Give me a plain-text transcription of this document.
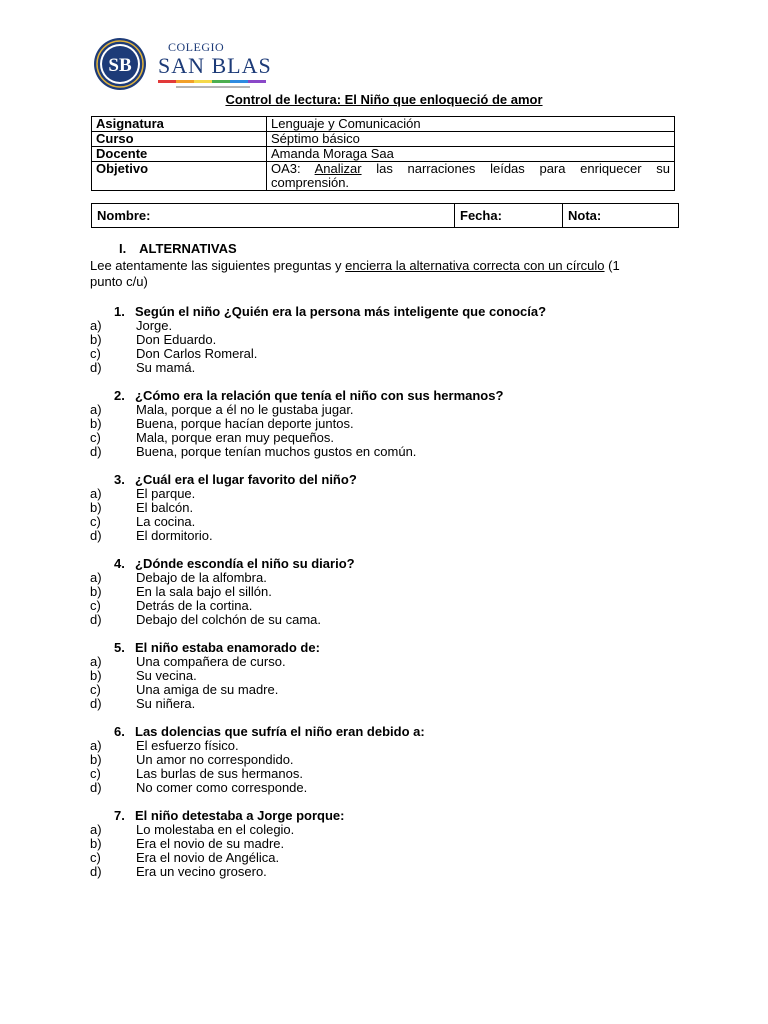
SB
COLEGIO
SAN BLAS
Control de lectura: El Niño que enloqueció de amor
Asignatura	Lenguaje y Comunicación
Curso	Séptimo básico
Docente	Amanda Moraga Saa
Objetivo	OA3: Analizar las narraciones leídas para enriquecer su comprensión.
Nombre:	Fecha:	Nota:
I. ALTERNATIVAS
Lee atentamente las siguientes preguntas y encierra la alternativa correcta con un círculo (1 punto c/u)
1. Según el niño ¿Quién era la persona más inteligente que conocía?
a)	Jorge.
b)	Don Eduardo.
c)	Don Carlos Romeral.
d)	Su mamá.
2. ¿Cómo era la relación que tenía el niño con sus hermanos?
a)	Mala, porque a él no le gustaba jugar.
b)	Buena, porque hacían deporte juntos.
c)	Mala, porque eran muy pequeños.
d)	Buena, porque tenían muchos gustos en común.
3. ¿Cuál era el lugar favorito del niño?
a)	El parque.
b)	El balcón.
c)	La cocina.
d)	El dormitorio.
4. ¿Dónde escondía el niño su diario?
a)	Debajo de la alfombra.
b)	En la sala bajo el sillón.
c)	Detrás de la cortina.
d)	Debajo del colchón de su cama.
5. El niño estaba enamorado de:
a)	Una compañera de curso.
b)	Su vecina.
c)	Una amiga de su madre.
d)	Su niñera.
6. Las dolencias que sufría el niño eran debido a:
a)	El esfuerzo físico.
b)	Un amor no correspondido.
c)	Las burlas de sus hermanos.
d)	No comer como corresponde.
7. El niño detestaba a Jorge porque:
a)	Lo molestaba en el colegio.
b)	Era el novio de su madre.
c)	Era el novio de Angélica.
d)	Era un vecino grosero.
